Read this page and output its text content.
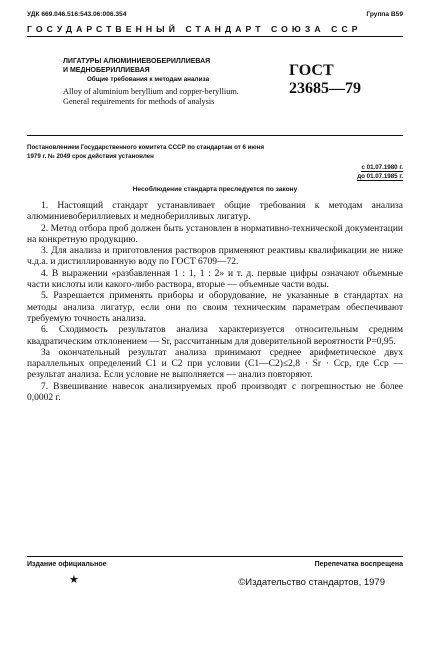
УДК 669.046.516:543.06:006.354	Группа В59
ГОСУДАРСТВЕННЫЙ СТАНДАРТ СОЮЗА ССР
ЛИГАТУРЫ АЛЮМИНИЕВОБЕРИЛЛИЕВАЯ
И МЕДНОБЕРИЛЛИЕВАЯ
Общие требования к методам анализа
Alloy of aluminium beryllium and copper-beryllium.
General requirements for methods of analysis
ГОСТ
23685—79
Постановлением Государственного комитета СССР по стандартам от 6 июня
1979 г. № 2049 срок действия установлен
с 01.07.1980 г.
до 01.07.1985 г.
Несоблюдение стандарта преследуется по закону

1. Настоящий стандарт устанавливает общие требования к методам анализа алюминиевобериллиевых и медноберилливых лигатур.

2. Метод отбора проб должен быть установлен в нормативно-технической документации на конкретную продукцию.

3. Для анализа и приготовления растворов применяют реактивы квалификации не ниже ч.д.а. и дистиллированную воду по ГОСТ 6709—72.

4. В выражении «разбавленная 1 : 1, 1 : 2» и т. д. первые цифры означают объемные части кислоты или какого-либо раствора, вторые — объемные части воды.

5. Разрешается применять приборы и оборудование, не указанные в стандартах на методы анализа лигатур, если они по своим техническим параметрам обеспечивают требуемую точность анализа.

6. Сходимость результатов анализа характеризуется относительным средним квадратическим отклонением — Sr, рассчитанным для доверительной вероятности P=0,95.

За окончательный результат анализа принимают среднее арифметическое двух параллельных определений C1 и C2 при условии (C1—C2)≤2,8 · Sr · Cср, где Cср — результат анализа. Если условие не выполняется — анализ повторяют.

7. Взвешивание навесок анализируемых проб производят с погрешностью не более 0,0002 г.

Издание официальное	Перепечатка воспрещена
★	©Издательство стандартов, 1979
